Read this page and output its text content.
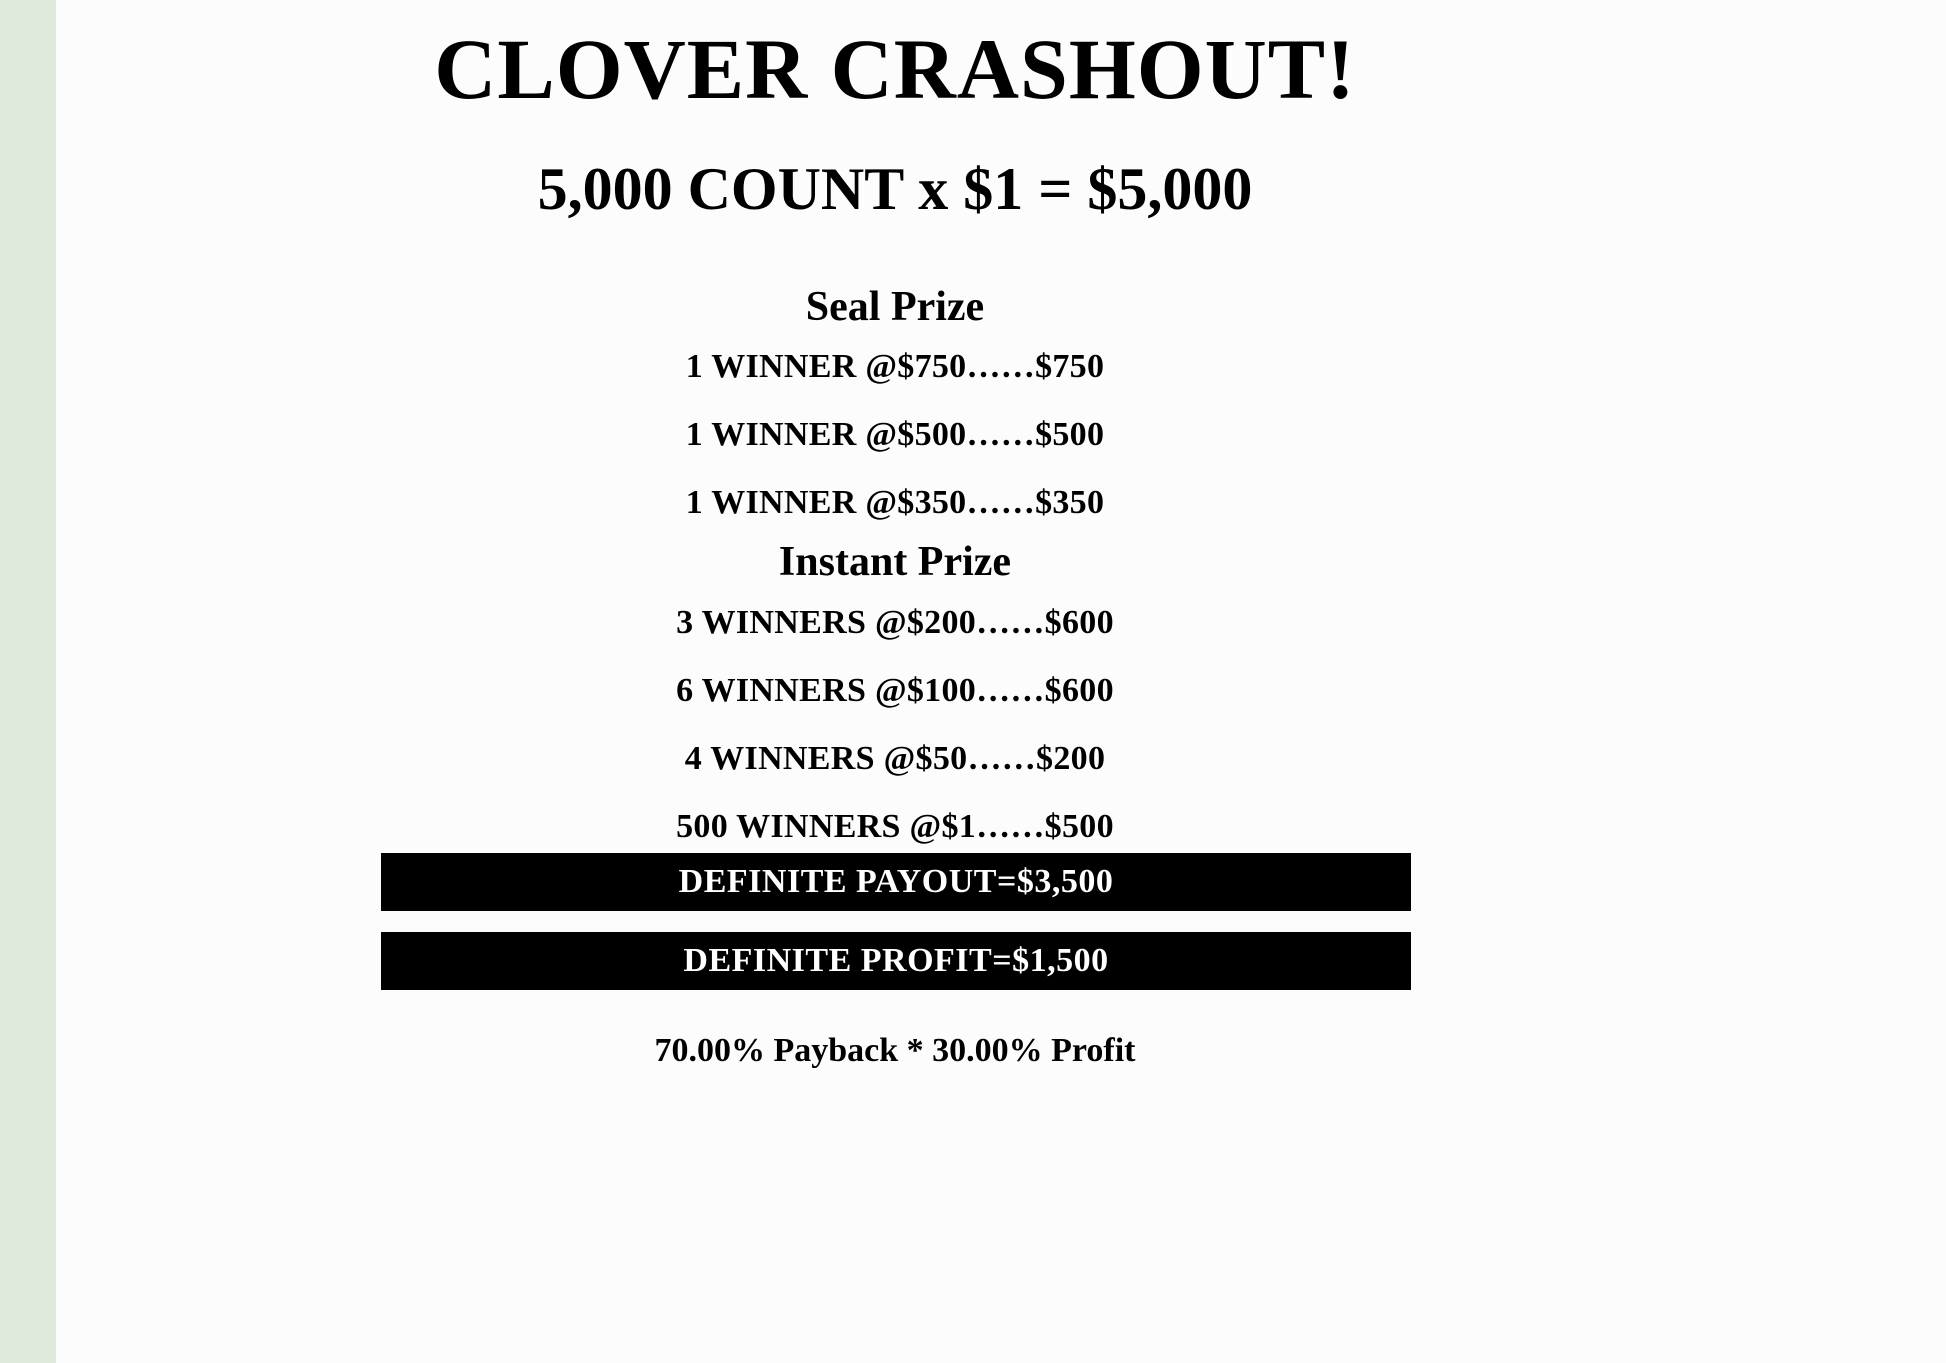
CLOVER CRASHOUT!
5,000 COUNT x $1 = $5,000
Seal Prize
1 WINNER @$750……$750
1 WINNER @$500……$500
1 WINNER @$350……$350
Instant Prize
3 WINNERS @$200……$600
6 WINNERS @$100……$600
4 WINNERS @$50……$200
500 WINNERS @$1……$500
DEFINITE PAYOUT=$3,500
DEFINITE PROFIT=$1,500
70.00% Payback * 30.00% Profit
